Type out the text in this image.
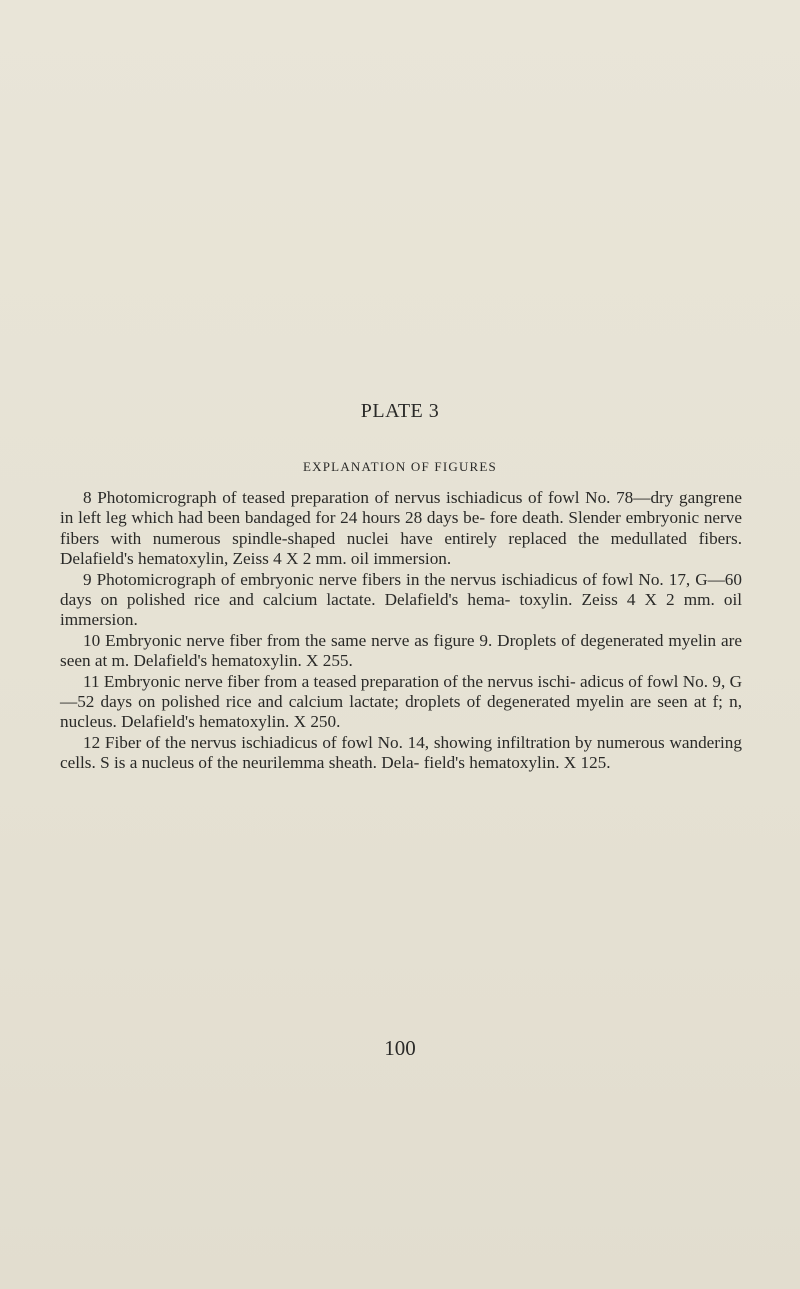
PLATE 3
EXPLANATION OF FIGURES

8 Photomicrograph of teased preparation of nervus ischiadicus of fowl No. 78—dry gangrene in left leg which had been bandaged for 24 hours 28 days be- fore death. Slender embryonic nerve fibers with numerous spindle-shaped nuclei have entirely replaced the medullated fibers. Delafield's hematoxylin, Zeiss 4 X 2 mm. oil immersion.

9 Photomicrograph of embryonic nerve fibers in the nervus ischiadicus of fowl No. 17, G—60 days on polished rice and calcium lactate. Delafield's hema- toxylin. Zeiss 4 X 2 mm. oil immersion.

10 Embryonic nerve fiber from the same nerve as figure 9. Droplets of degenerated myelin are seen at m. Delafield's hematoxylin. X 255.

11 Embryonic nerve fiber from a teased preparation of the nervus ischi- adicus of fowl No. 9, G—52 days on polished rice and calcium lactate; droplets of degenerated myelin are seen at f; n, nucleus. Delafield's hematoxylin. X 250.

12 Fiber of the nervus ischiadicus of fowl No. 14, showing infiltration by numerous wandering cells. S is a nucleus of the neurilemma sheath. Dela- field's hematoxylin. X 125.

100
